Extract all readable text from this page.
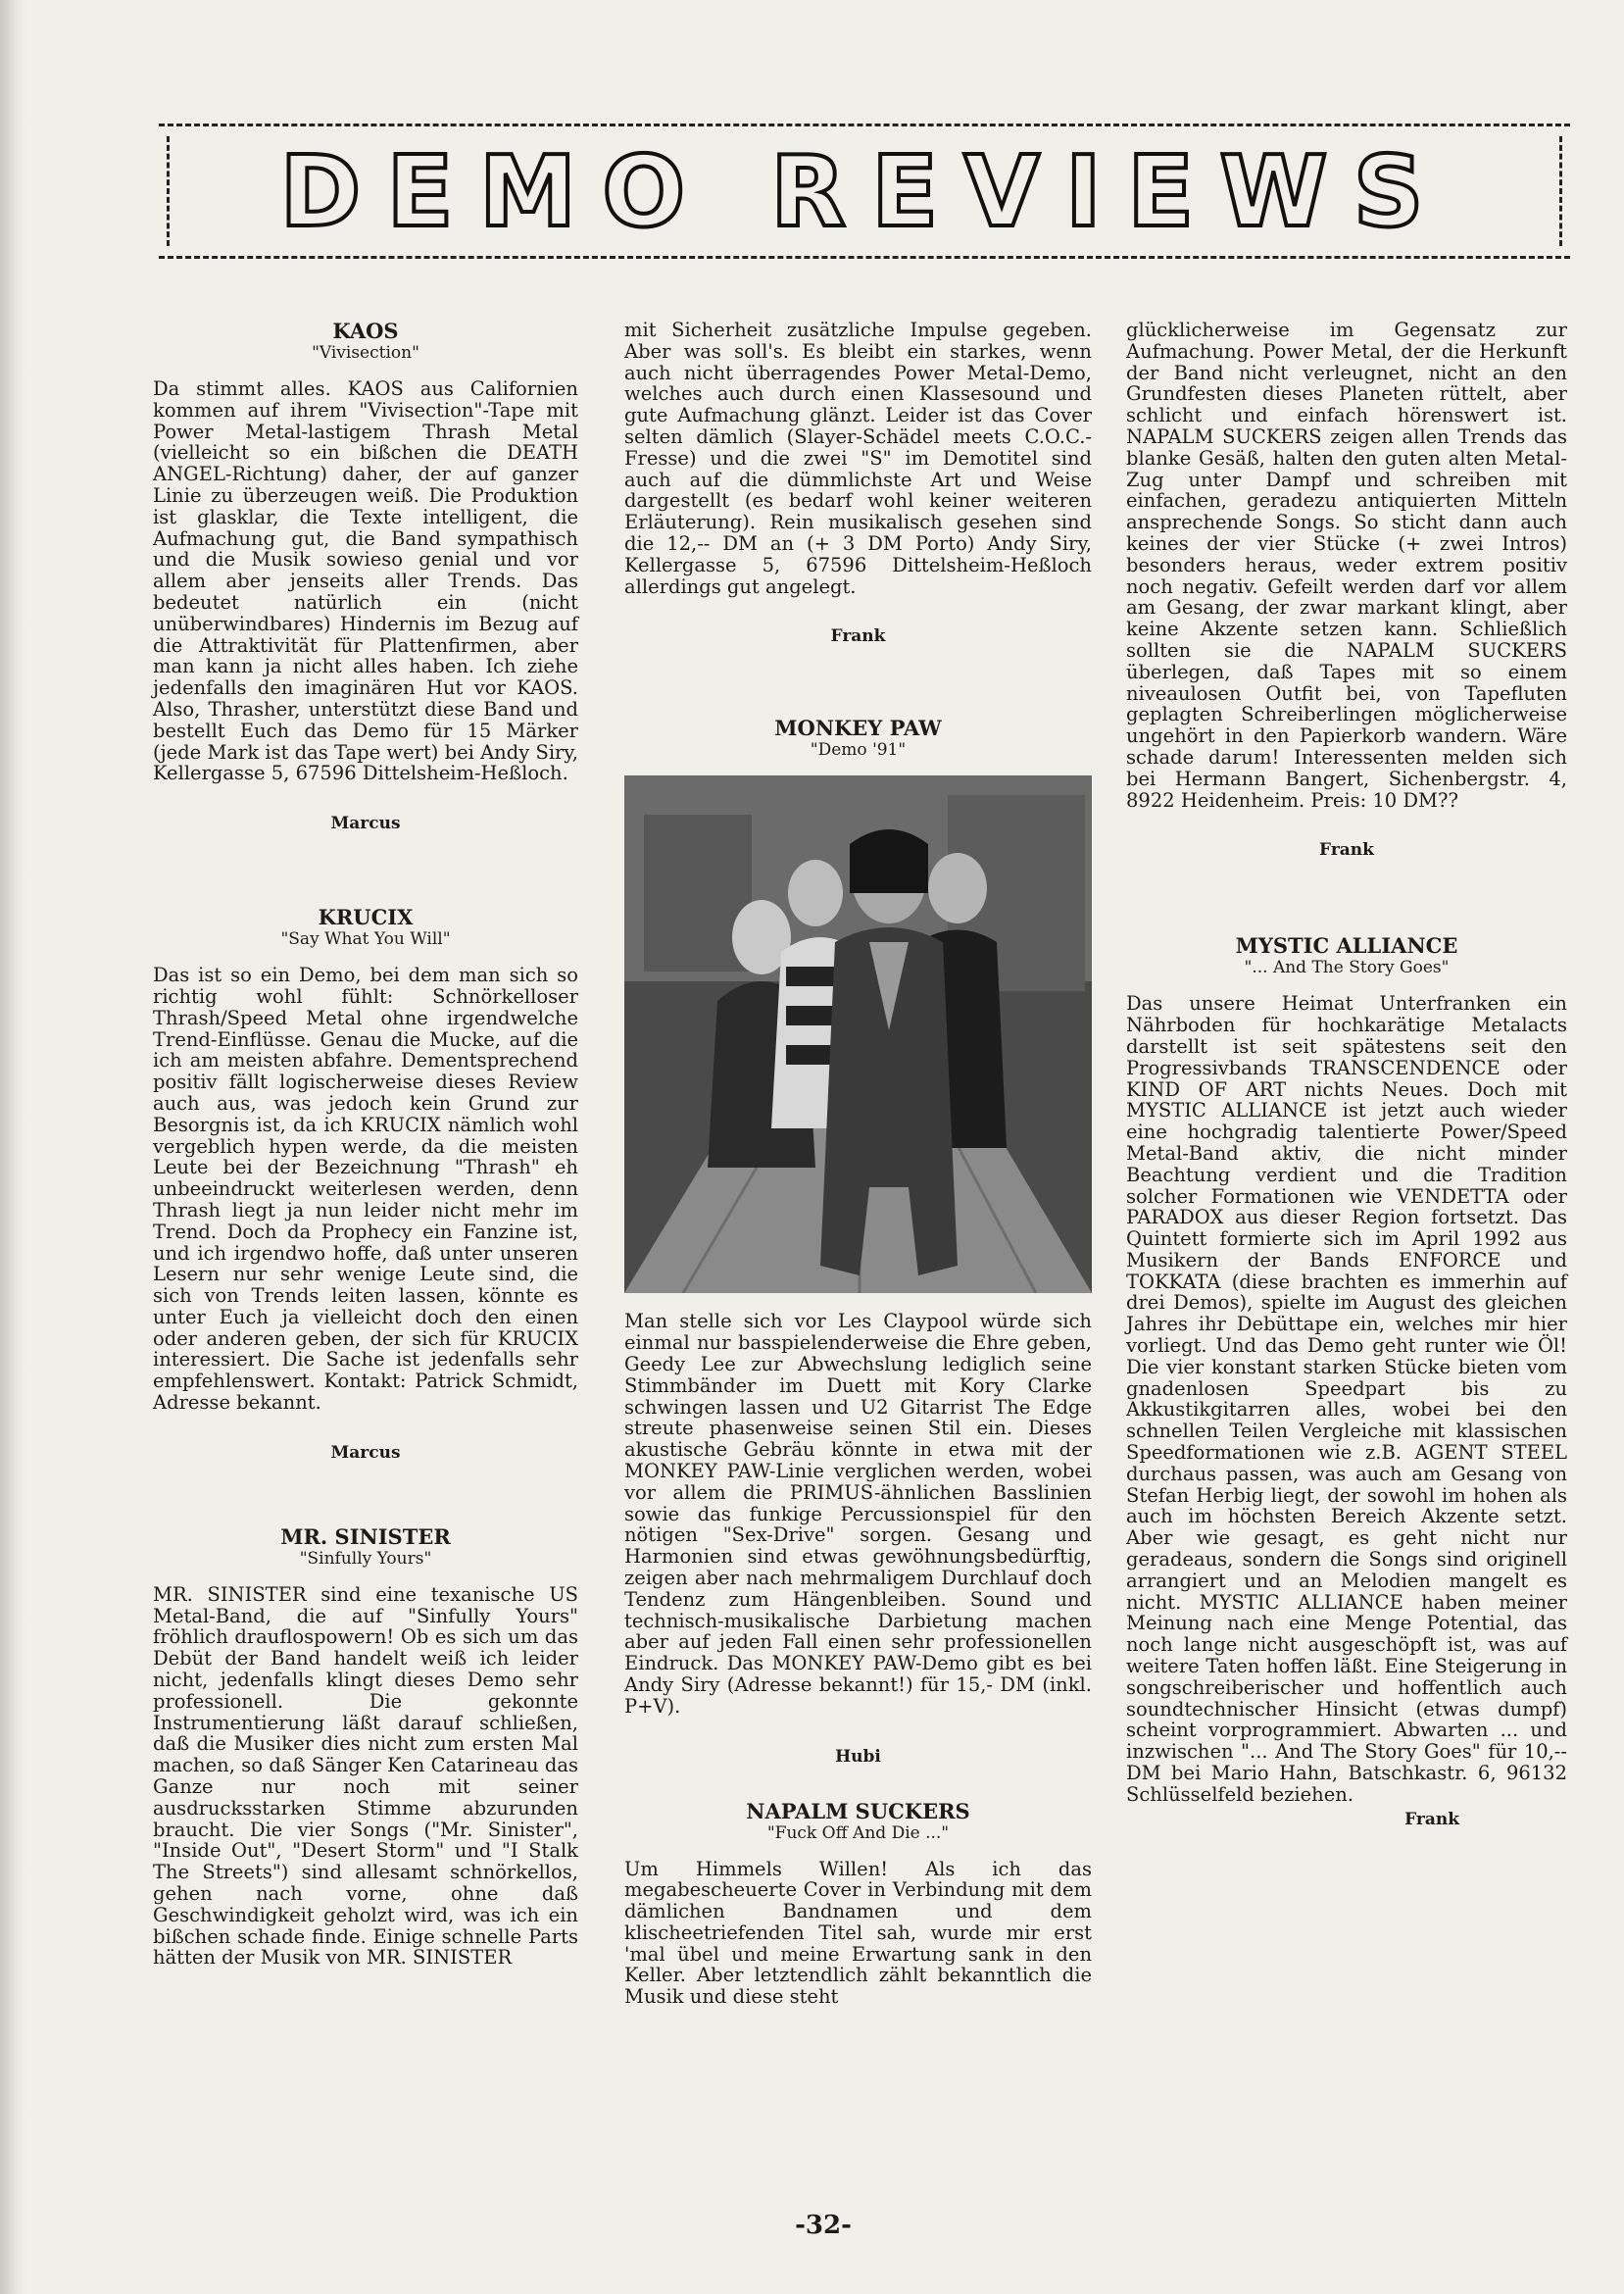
DEMO REVIEWS

KAOS

"Vivisection"

Da stimmt alles. KAOS aus Californien kommen auf ihrem "Vivisection"-Tape mit Power Metal-lastigem Thrash Metal (vielleicht so ein bißchen die DEATH ANGEL-Richtung) daher, der auf ganzer Linie zu überzeugen weiß. Die Produktion ist glasklar, die Texte intelligent, die Aufmachung gut, die Band sympathisch und die Musik sowieso genial und vor allem aber jenseits aller Trends. Das bedeutet natürlich ein (nicht unüberwindbares) Hindernis im Bezug auf die Attraktivität für Plattenfirmen, aber man kann ja nicht alles haben. Ich ziehe jedenfalls den imaginären Hut vor KAOS. Also, Thrasher, unterstützt diese Band und bestellt Euch das Demo für 15 Märker (jede Mark ist das Tape wert) bei Andy Siry, Kellergasse 5, 67596 Dittelsheim-Heßloch.

Marcus

KRUCIX

"Say What You Will"

Das ist so ein Demo, bei dem man sich so richtig wohl fühlt: Schnörkelloser Thrash/Speed Metal ohne irgendwelche Trend-Einflüsse. Genau die Mucke, auf die ich am meisten abfahre. Dementsprechend positiv fällt logischerweise dieses Review auch aus, was jedoch kein Grund zur Besorgnis ist, da ich KRUCIX nämlich wohl vergeblich hypen werde, da die meisten Leute bei der Bezeichnung "Thrash" eh unbeeindruckt weiterlesen werden, denn Thrash liegt ja nun leider nicht mehr im Trend. Doch da Prophecy ein Fanzine ist, und ich irgendwo hoffe, daß unter unseren Lesern nur sehr wenige Leute sind, die sich von Trends leiten lassen, könnte es unter Euch ja vielleicht doch den einen oder anderen geben, der sich für KRUCIX interessiert. Die Sache ist jedenfalls sehr empfehlenswert. Kontakt: Patrick Schmidt, Adresse bekannt.

Marcus

MR. SINISTER

"Sinfully Yours"

MR. SINISTER sind eine texanische US Metal-Band, die auf "Sinfully Yours" fröhlich drauflospowern! Ob es sich um das Debüt der Band handelt weiß ich leider nicht, jedenfalls klingt dieses Demo sehr professionell. Die gekonnte Instrumentierung läßt darauf schließen, daß die Musiker dies nicht zum ersten Mal machen, so daß Sänger Ken Catarineau das Ganze nur noch mit seiner ausdrucksstarken Stimme abzurunden braucht. Die vier Songs ("Mr. Sinister", "Inside Out", "Desert Storm" und "I Stalk The Streets") sind allesamt schnörkellos, gehen nach vorne, ohne daß Geschwindigkeit geholzt wird, was ich ein bißchen schade finde. Einige schnelle Parts hätten der Musik von MR. SINISTER

mit Sicherheit zusätzliche Impulse gegeben. Aber was soll's. Es bleibt ein starkes, wenn auch nicht überragendes Power Metal-Demo, welches auch durch einen Klassesound und gute Aufmachung glänzt. Leider ist das Cover selten dämlich (Slayer-Schädel meets C.O.C.-Fresse) und die zwei "S" im Demotitel sind auch auf die dümmlichste Art und Weise dargestellt (es bedarf wohl keiner weiteren Erläuterung). Rein musikalisch gesehen sind die 12,-- DM an (+ 3 DM Porto) Andy Siry, Kellergasse 5, 67596 Dittelsheim-Heßloch allerdings gut angelegt.

Frank

MONKEY PAW

"Demo '91"

Man stelle sich vor Les Claypool würde sich einmal nur basspielenderweise die Ehre geben, Geedy Lee zur Abwechslung lediglich seine Stimmbänder im Duett mit Kory Clarke schwingen lassen und U2 Gitarrist The Edge streute phasenweise seinen Stil ein. Dieses akustische Gebräu könnte in etwa mit der MONKEY PAW-Linie verglichen werden, wobei vor allem die PRIMUS-ähnlichen Basslinien sowie das funkige Percussionspiel für den nötigen "Sex-Drive" sorgen. Gesang und Harmonien sind etwas gewöhnungsbedürftig, zeigen aber nach mehrmaligem Durchlauf doch Tendenz zum Hängenbleiben. Sound und technisch-musikalische Darbietung machen aber auf jeden Fall einen sehr professionellen Eindruck. Das MONKEY PAW-Demo gibt es bei Andy Siry (Adresse bekannt!) für 15,- DM (inkl. P+V).

Hubi

NAPALM SUCKERS

"Fuck Off And Die ..."

Um Himmels Willen! Als ich das megabescheuerte Cover in Verbindung mit dem dämlichen Bandnamen und dem klischeetriefenden Titel sah, wurde mir erst 'mal übel und meine Erwartung sank in den Keller. Aber letztendlich zählt bekanntlich die Musik und diese steht

glücklicherweise im Gegensatz zur Aufmachung. Power Metal, der die Herkunft der Band nicht verleugnet, nicht an den Grundfesten dieses Planeten rüttelt, aber schlicht und einfach hörenswert ist. NAPALM SUCKERS zeigen allen Trends das blanke Gesäß, halten den guten alten Metal-Zug unter Dampf und schreiben mit einfachen, geradezu antiquierten Mitteln ansprechende Songs. So sticht dann auch keines der vier Stücke (+ zwei Intros) besonders heraus, weder extrem positiv noch negativ. Gefeilt werden darf vor allem am Gesang, der zwar markant klingt, aber keine Akzente setzen kann. Schließlich sollten sie die NAPALM SUCKERS überlegen, daß Tapes mit so einem niveaulosen Outfit bei, von Tapefluten geplagten Schreiberlingen möglicherweise ungehört in den Papierkorb wandern. Wäre schade darum! Interessenten melden sich bei Hermann Bangert, Sichenbergstr. 4, 8922 Heidenheim. Preis: 10 DM??

Frank

MYSTIC ALLIANCE

"... And The Story Goes"

Das unsere Heimat Unterfranken ein Nährboden für hochkarätige Metalacts darstellt ist seit spätestens seit den Progressivbands TRANSCENDENCE oder KIND OF ART nichts Neues. Doch mit MYSTIC ALLIANCE ist jetzt auch wieder eine hochgradig talentierte Power/Speed Metal-Band aktiv, die nicht minder Beachtung verdient und die Tradition solcher Formationen wie VENDETTA oder PARADOX aus dieser Region fortsetzt. Das Quintett formierte sich im April 1992 aus Musikern der Bands ENFORCE und TOKKATA (diese brachten es immerhin auf drei Demos), spielte im August des gleichen Jahres ihr Debüttape ein, welches mir hier vorliegt. Und das Demo geht runter wie Öl! Die vier konstant starken Stücke bieten vom gnadenlosen Speedpart bis zu Akkustikgitarren alles, wobei bei den schnellen Teilen Vergleiche mit klassischen Speedformationen wie z.B. AGENT STEEL durchaus passen, was auch am Gesang von Stefan Herbig liegt, der sowohl im hohen als auch im höchsten Bereich Akzente setzt. Aber wie gesagt, es geht nicht nur geradeaus, sondern die Songs sind originell arrangiert und an Melodien mangelt es nicht. MYSTIC ALLIANCE haben meiner Meinung nach eine Menge Potential, das noch lange nicht ausgeschöpft ist, was auf weitere Taten hoffen läßt. Eine Steigerung in songschreiberischer und hoffentlich auch soundtechnischer Hinsicht (etwas dumpf) scheint vorprogrammiert. Abwarten ... und inzwischen "... And The Story Goes" für 10,-- DM bei Mario Hahn, Batschkastr. 6, 96132 Schlüsselfeld beziehen.

Frank

-32-
